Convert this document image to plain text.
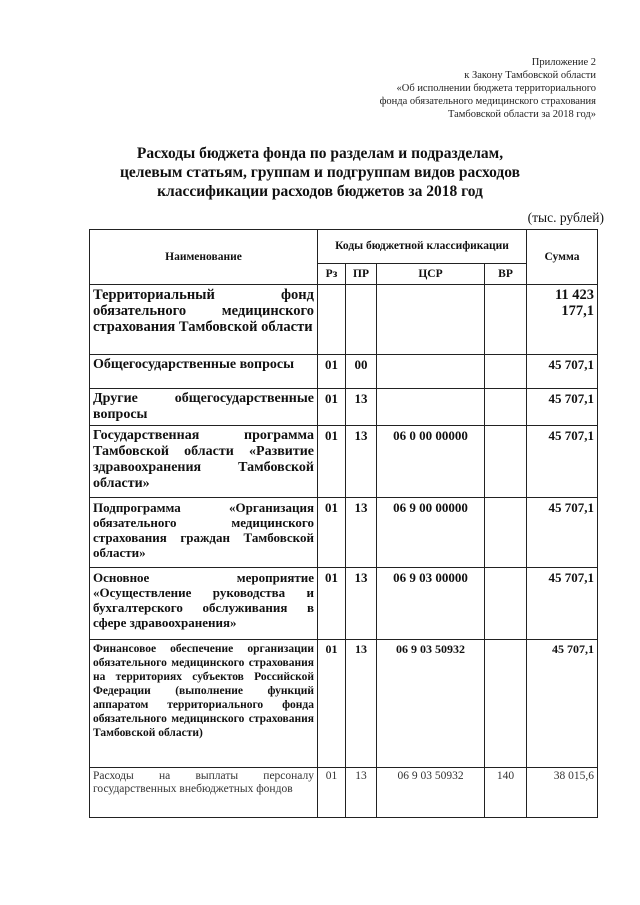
Приложение 2
к Закону Тамбовской области
«Об исполнении бюджета территориального
фонда обязательного медицинского страхования
Тамбовской области за 2018 год»
Расходы бюджета фонда по разделам и подразделам,
целевым статьям, группам и подгруппам видов расходов
классификации расходов бюджетов за 2018 год
(тыс. рублей)
Наименование	Коды бюджетной классификации				Сумма
	Рз	ПР	ЦСР	ВР	
Территориальный фонд обязательного медицинского страхования Тамбовской области					11 423 177,1
Общегосударственные вопросы	01	00			45 707,1
Другие общегосударственные вопросы	01	13			45 707,1
Государственная программа Тамбовской области «Развитие здравоохранения Тамбовской области»	01	13	06 0 00 00000		45 707,1
Подпрограмма «Организация обязательного медицинского страхования граждан Тамбовской области»	01	13	06 9 00 00000		45 707,1
Основное мероприятие «Осуществление руководства и бухгалтерского обслуживания в сфере здравоохранения»	01	13	06 9 03 00000		45 707,1
Финансовое обеспечение организации обязательного медицинского страхования на территориях субъектов Российской Федерации (выполнение функций аппаратом территориального фонда обязательного медицинского страхования Тамбовской области)	01	13	06 9 03 50932		45 707,1
Расходы на выплаты персоналу государственных внебюджетных фондов	01	13	06 9 03 50932	140	38 015,6
